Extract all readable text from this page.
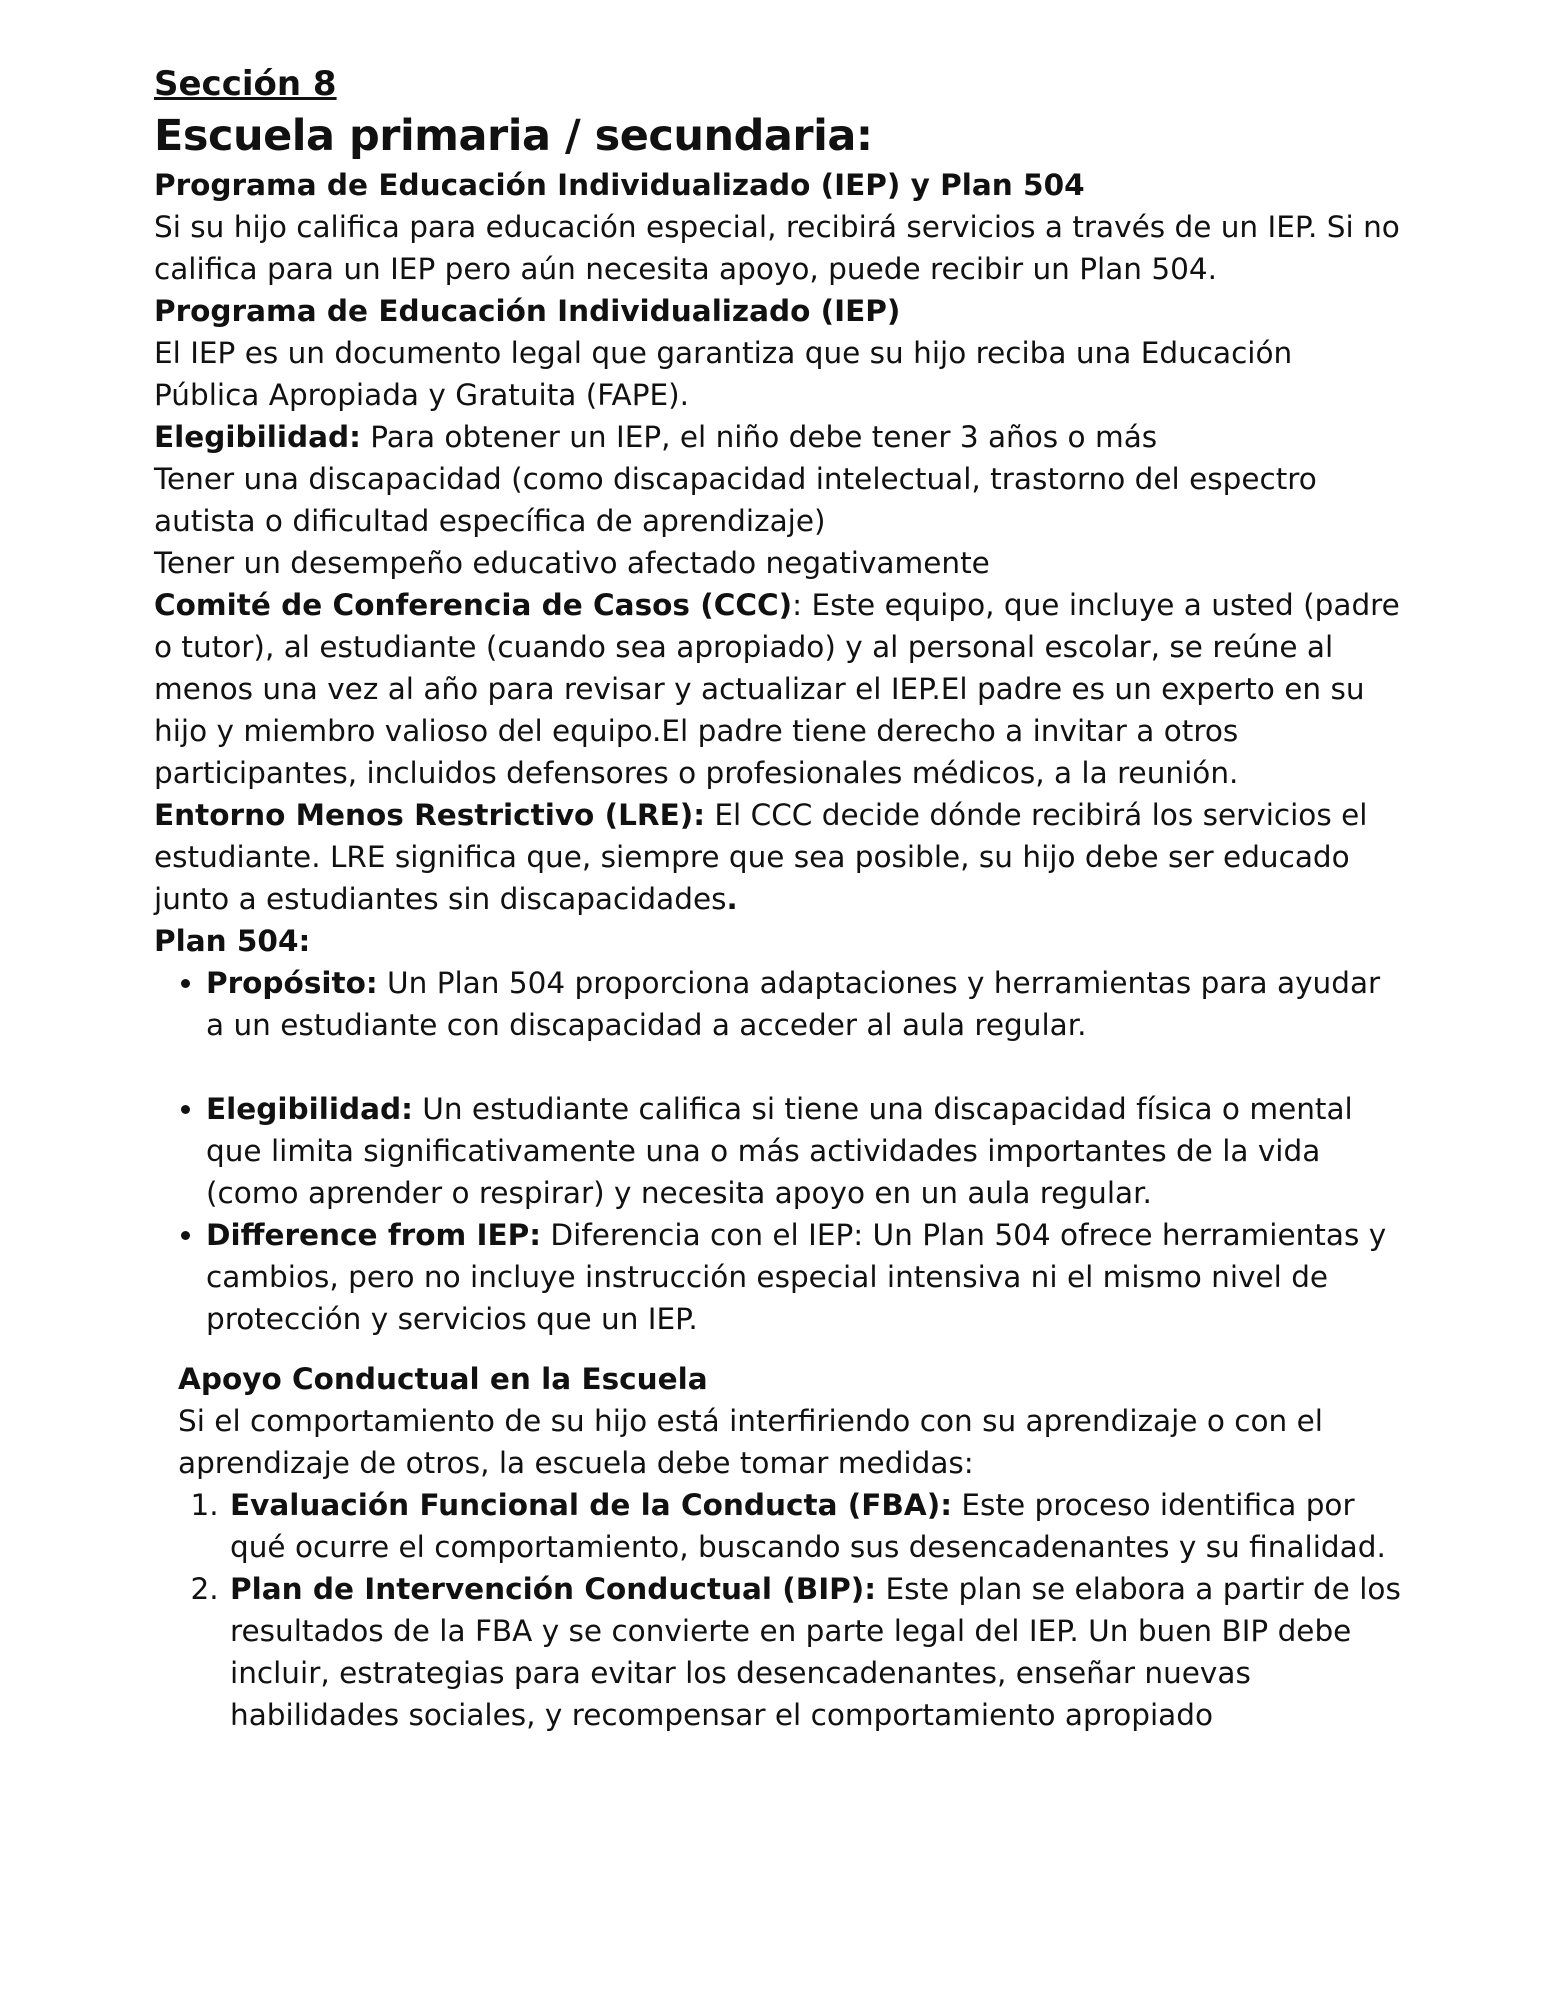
Sección 8

Escuela primaria / secundaria:

Programa de Educación Individualizado (IEP) y Plan 504

Si su hijo califica para educación especial, recibirá servicios a través de un IEP. Si no califica para un IEP pero aún necesita apoyo, puede recibir un Plan 504.

Programa de Educación Individualizado (IEP)

El IEP es un documento legal que garantiza que su hijo reciba una Educación Pública Apropiada y Gratuita (FAPE).

Elegibilidad: Para obtener un IEP, el niño debe tener 3 años o más

Tener una discapacidad (como discapacidad intelectual, trastorno del espectro autista o dificultad específica de aprendizaje)

Tener un desempeño educativo afectado negativamente

Comité de Conferencia de Casos (CCC): Este equipo, que incluye a usted (padre o tutor), al estudiante (cuando sea apropiado) y al personal escolar, se reúne al menos una vez al año para revisar y actualizar el IEP.El padre es un experto en su hijo y miembro valioso del equipo.El padre tiene derecho a invitar a otros participantes, incluidos defensores o profesionales médicos, a la reunión.

Entorno Menos Restrictivo (LRE): El CCC decide dónde recibirá los servicios el estudiante. LRE significa que, siempre que sea posible, su hijo debe ser educado junto a estudiantes sin discapacidades.

Plan 504:

• Propósito: Un Plan 504 proporciona adaptaciones y herramientas para ayudar a un estudiante con discapacidad a acceder al aula regular.
• Elegibilidad: Un estudiante califica si tiene una discapacidad física o mental que limita significativamente una o más actividades importantes de la vida (como aprender o respirar) y necesita apoyo en un aula regular.
• Difference from IEP: Diferencia con el IEP: Un Plan 504 ofrece herramientas y cambios, pero no incluye instrucción especial intensiva ni el mismo nivel de protección y servicios que un IEP.

Apoyo Conductual en la Escuela

Si el comportamiento de su hijo está interfiriendo con su aprendizaje o con el aprendizaje de otros, la escuela debe tomar medidas:

1. Evaluación Funcional de la Conducta (FBA): Este proceso identifica por qué ocurre el comportamiento, buscando sus desencadenantes y su finalidad.
2. Plan de Intervención Conductual (BIP): Este plan se elabora a partir de los resultados de la FBA y se convierte en parte legal del IEP. Un buen BIP debe incluir, estrategias para evitar los desencadenantes, enseñar nuevas habilidades sociales, y recompensar el comportamiento apropiado
